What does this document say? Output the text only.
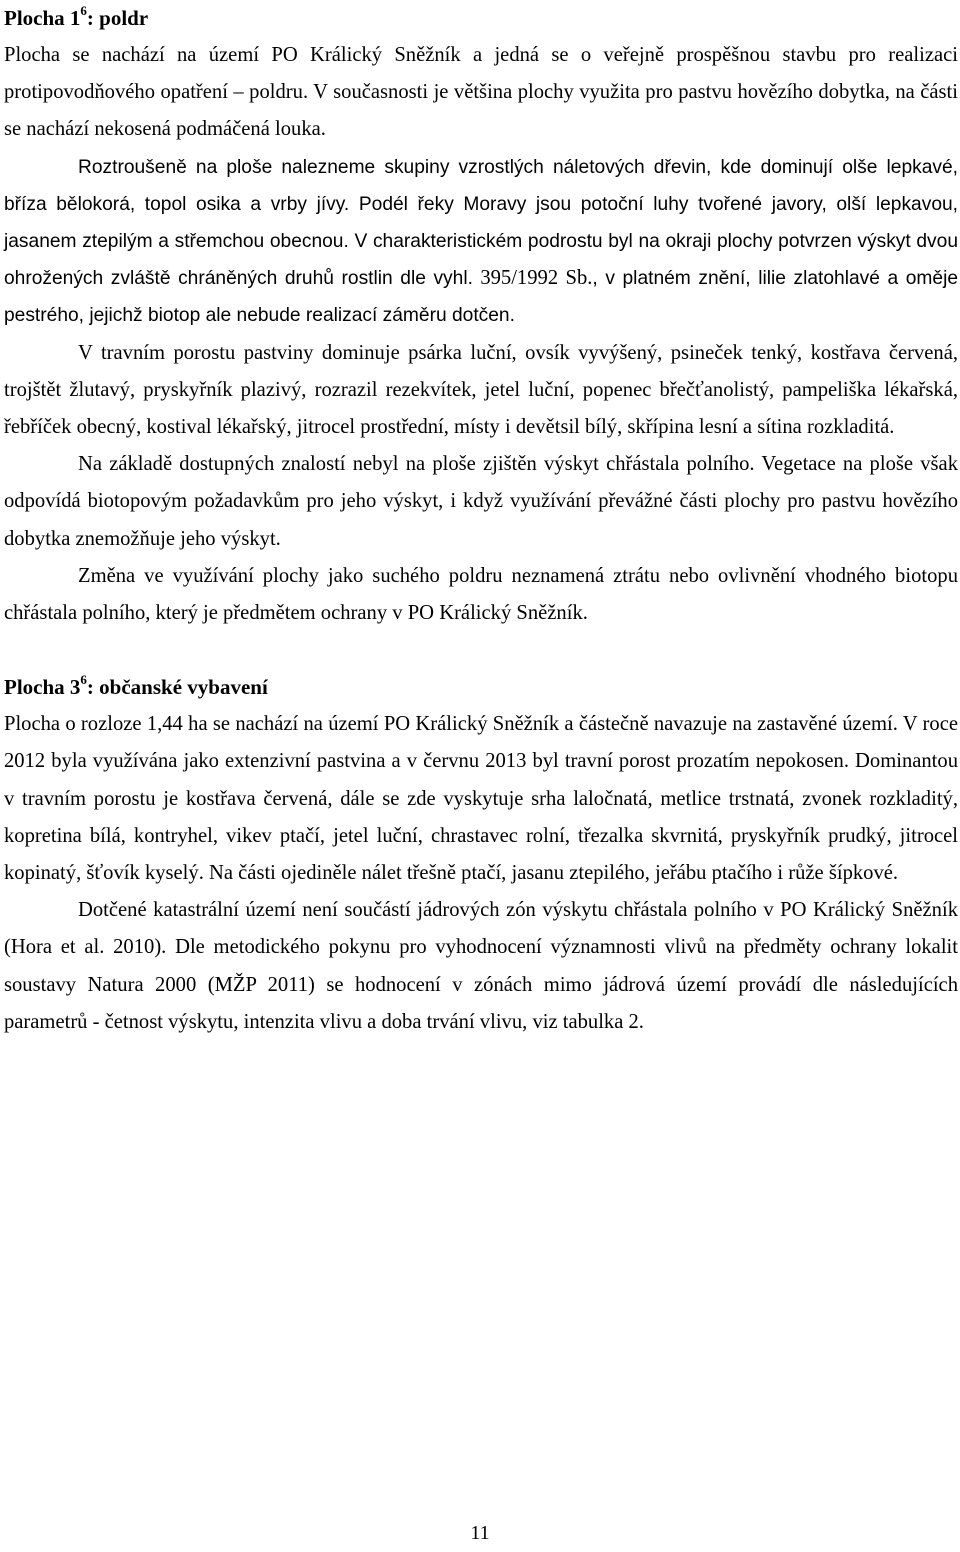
Plocha $1^6$: poldr

Plocha se nachází na území PO Králický Sněžník a jedná se o veřejně prospěšnou stavbu pro realizaci protipovodňového opatření – poldru. V současnosti je většina plochy využita pro pastvu hovězího dobytka, na části se nachází nekosená podmáčená louka.

Roztroušeně na ploše nalezneme skupiny vzrostlých náletových dřevin, kde dominují olše lepkavé, bříza bělokorá, topol osika a vrby jívy. Podél řeky Moravy jsou potoční luhy tvořené javory, olší lepkavou, jasanem ztepilým a střemchou obecnou. V charakteristickém podrostu byl na okraji plochy potvrzen výskyt dvou ohrožených zvláště chráněných druhů rostlin dle vyhl. 395/1992 Sb., v platném znění, lilie zlatohlavé a oměje pestrého, jejichž biotop ale nebude realizací záměru dotčen.

V travním porostu pastviny dominuje psárka luční, ovsík vyvýšený, psineček tenký, kostřava červená, trojštět žlutavý, pryskyřník plazivý, rozrazil rezekvítek, jetel luční, popenec břečťanolistý, pampeliška lékařská, řebříček obecný, kostival lékařský, jitrocel prostřední, místy i devětsil bílý, skřípina lesní a sítina rozkladitá.

Na základě dostupných znalostí nebyl na ploše zjištěn výskyt chřástala polního. Vegetace na ploše však odpovídá biotopovým požadavkům pro jeho výskyt, i když využívání převážné části plochy pro pastvu hovězího dobytka znemožňuje jeho výskyt.

Změna ve využívání plochy jako suchého poldru neznamená ztrátu nebo ovlivnění vhodného biotopu chřástala polního, který je předmětem ochrany v PO Králický Sněžník.

Plocha $3^6$: občanské vybavení

Plocha o rozloze 1,44 ha se nachází na území PO Králický Sněžník a částečně navazuje na zastavěné území. V roce 2012 byla využívána jako extenzivní pastvina a v červnu 2013 byl travní porost prozatím nepokosen. Dominantou v travním porostu je kostřava červená, dále se zde vyskytuje srha laločnatá, metlice trstnatá, zvonek rozkladitý, kopretina bílá, kontryhel, vikev ptačí, jetel luční, chrastavec rolní, třezalka skvrnitá, pryskyřník prudký, jitrocel kopinatý, šťovík kyselý. Na části ojediněle nálet třešně ptačí, jasanu ztepilého, jeřábu ptačího i růže šípkové.

Dotčené katastrální území není součástí jádrových zón výskytu chřástala polního v PO Králický Sněžník (Hora et al. 2010). Dle metodického pokynu pro vyhodnocení významnosti vlivů na předměty ochrany lokalit soustavy Natura 2000 (MŽP 2011) se hodnocení v zónách mimo jádrová území provádí dle následujících parametrů - četnost výskytu, intenzita vlivu a doba trvání vlivu, viz tabulka 2.

11
